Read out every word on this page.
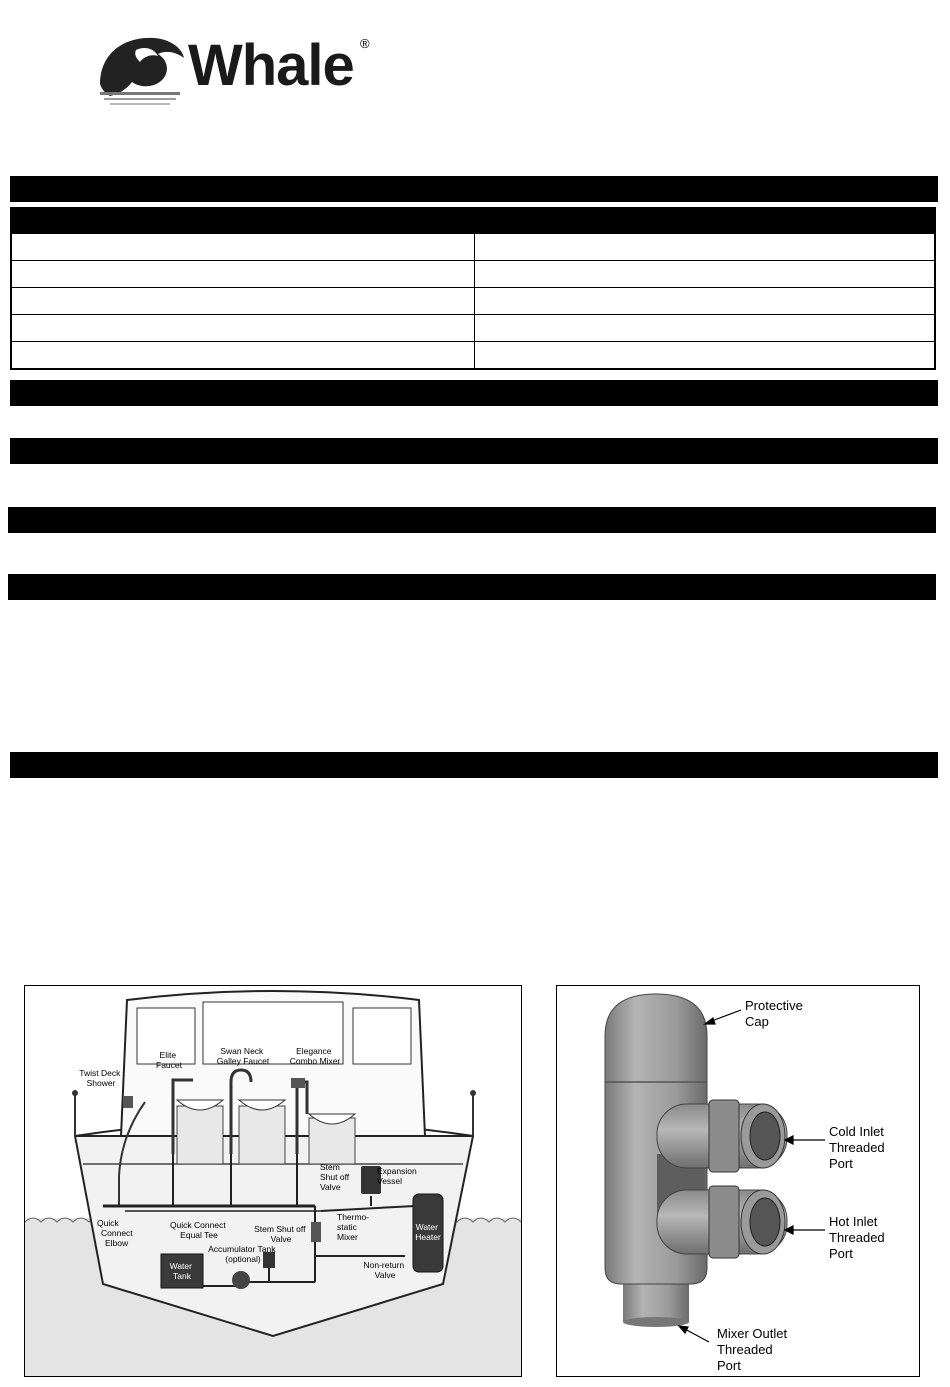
Whale ®

Twist Deck Shower
Elite Faucet
Swan Neck Galley Faucet
Elegance Combo Mixer
Quick Connect Equal Tee
Stem Shut off Valve
Accumulator Tank (optional)
Non-return Valve
Quick Connect Elbow
Stem Shut off Valve
Expansion Vessel
Thermo- static Mixer
Water Heater
Water Tank
Protective Cap
Cold Inlet Threaded Port
Hot Inlet Threaded Port
Mixer Outlet Threaded Port
